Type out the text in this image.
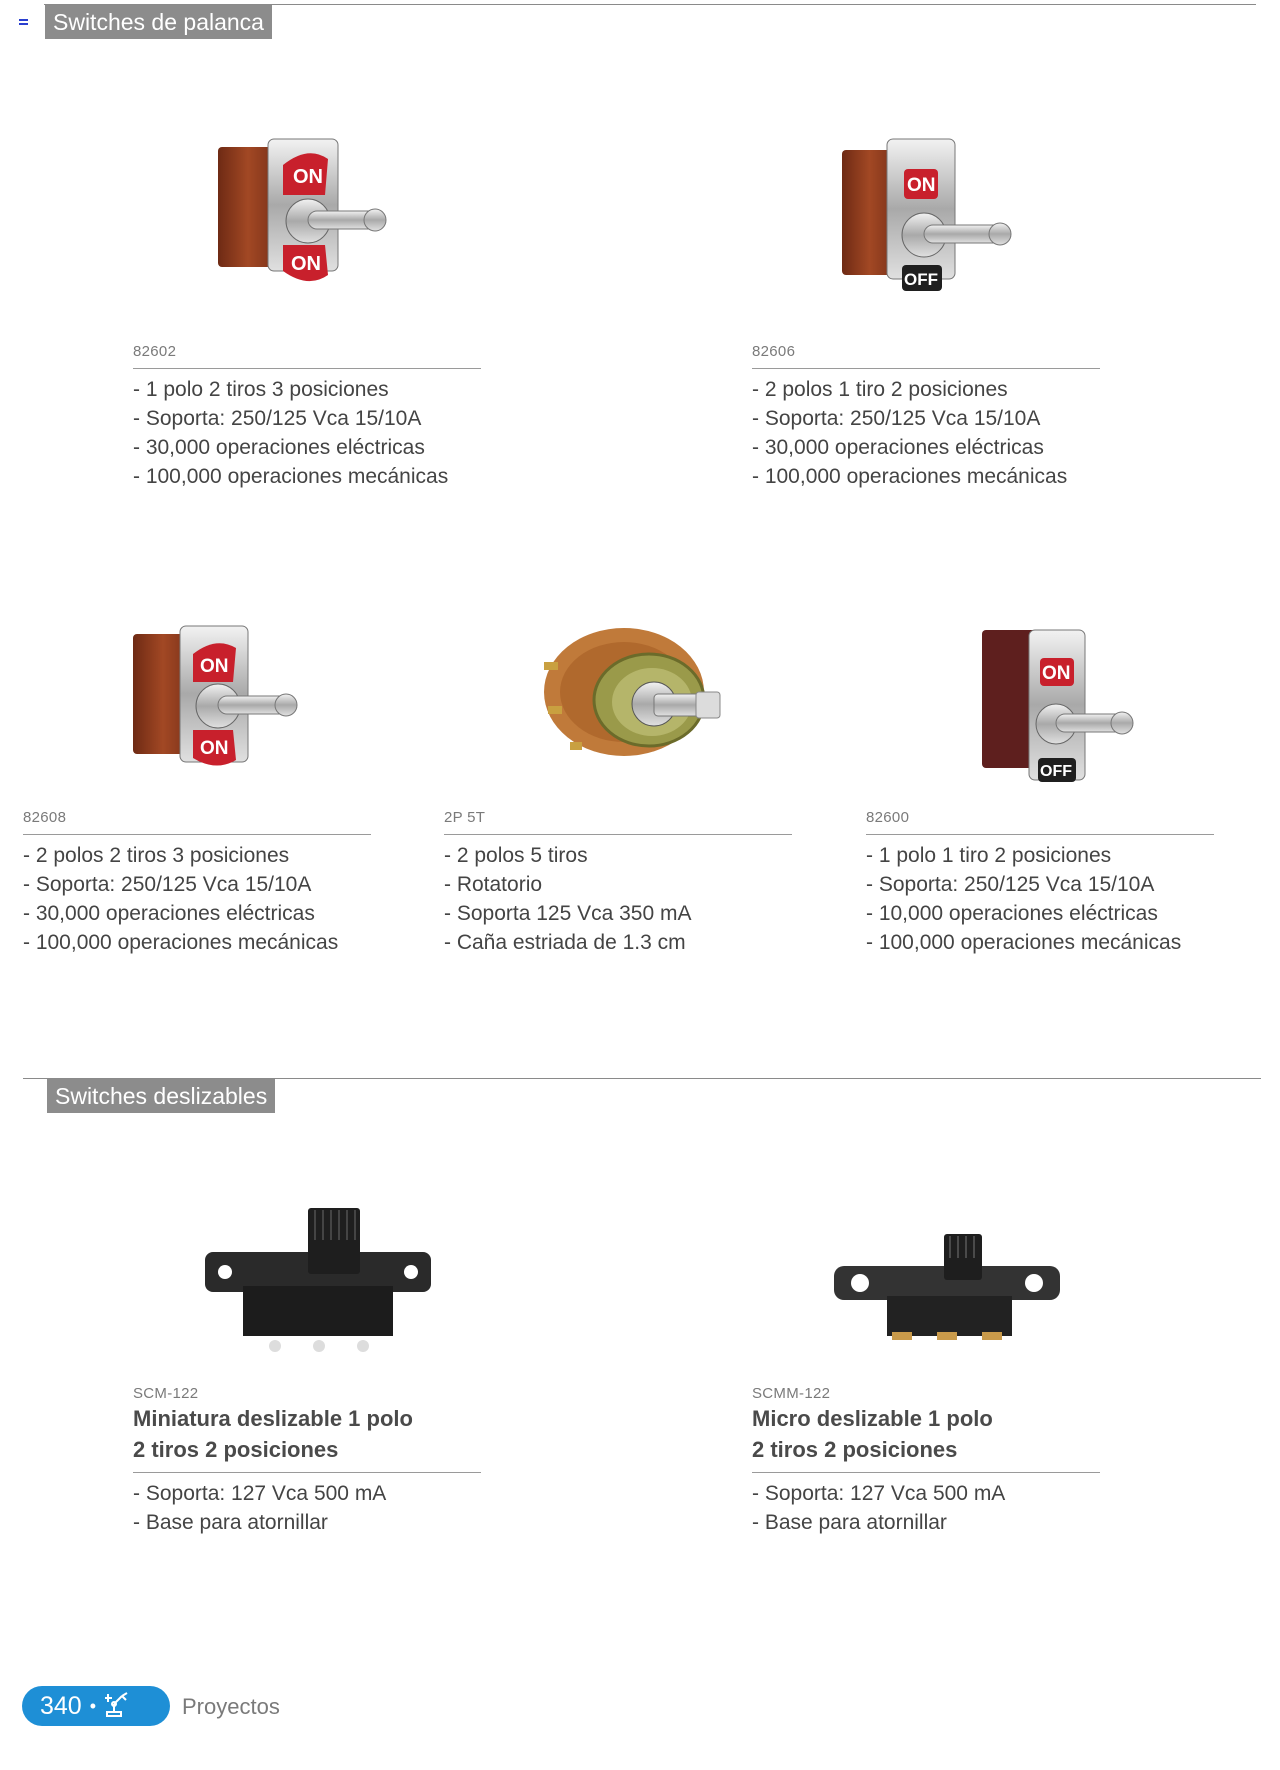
Switches de palanca
ON
ON
82602
- 1 polo 2 tiros 3 posiciones
- Soporta: 250/125 Vca 15/10A
- 30,000 operaciones eléctricas
- 100,000 operaciones mecánicas
ON
OFF
82606
- 2 polos 1 tiro 2 posiciones
- Soporta: 250/125 Vca 15/10A
- 30,000 operaciones eléctricas
- 100,000 operaciones mecánicas
ON
ON
82608
- 2 polos 2 tiros 3 posiciones
- Soporta: 250/125 Vca 15/10A
- 30,000 operaciones eléctricas
- 100,000 operaciones mecánicas
2P 5T
- 2 polos 5 tiros
- Rotatorio
- Soporta 125 Vca 350 mA
- Caña estriada de 1.3 cm
ON
OFF
82600
- 1 polo 1 tiro 2 posiciones
- Soporta: 250/125 Vca 15/10A
- 10,000 operaciones eléctricas
- 100,000 operaciones mecánicas
Switches deslizables
SCM-122
Miniatura deslizable 1 polo
2 tiros 2 posiciones
- Soporta: 127 Vca 500 mA
- Base para atornillar
SCMM-122
Micro deslizable 1 polo
2 tiros 2 posiciones
- Soporta: 127 Vca 500 mA
- Base para atornillar
340 •	Proyectos
